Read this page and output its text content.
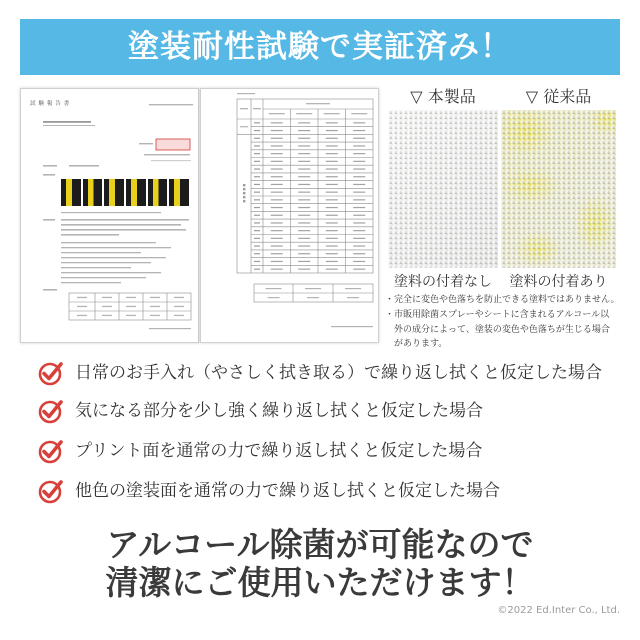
塗装耐性試験で実証済み！
試 験 報 告 書	▽ 本製品	▽ 従来品
塗料の付着なし	塗料の付着あり
・完全に変色や色落ちを防止できる塗料ではありません。
・市販用除菌スプレーやシートに含まれるアルコール以
外の成分によって、塗装の変色や色落ちが生じる場合
があります。
日常のお手入れ（やさしく拭き取る）で繰り返し拭くと仮定した場合
気になる部分を少し強く繰り返し拭くと仮定した場合
プリント面を通常の力で繰り返し拭くと仮定した場合
他色の塗装面を通常の力で繰り返し拭くと仮定した場合
アルコール除菌が可能なので
清潔にご使用いただけます！
©2022 Ed.Inter Co., Ltd.
